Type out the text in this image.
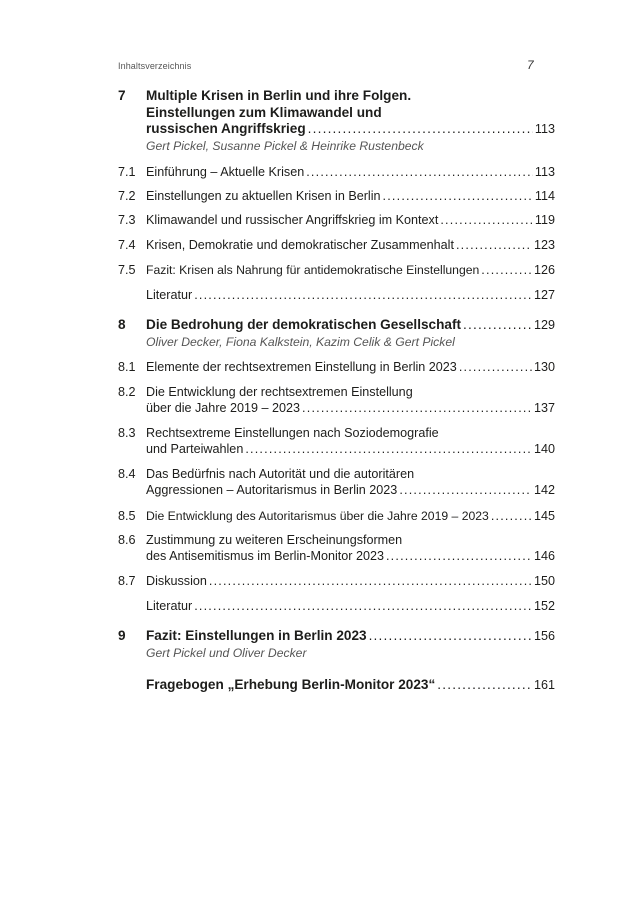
Inhaltsverzeichnis	7
7	Multiple Krisen in Berlin und ihre Folgen.
Einstellungen zum Klimawandel und
russischen Angriffskrieg .....	113
Gert Pickel, Susanne Pickel & Heinrike Rustenbeck
7.1 Einführung – Aktuelle Krisen .....	113
7.2 Einstellungen zu aktuellen Krisen in Berlin .....	114
7.3 Klimawandel und russischer Angriffskrieg im Kontext .....	119
7.4 Krisen, Demokratie und demokratischer Zusammenhalt .....	123
7.5 Fazit: Krisen als Nahrung für antidemokratische Einstellungen .....	126
Literatur .....	127
8	Die Bedrohung der demokratischen Gesellschaft .....	129
Oliver Decker, Fiona Kalkstein, Kazim Celik & Gert Pickel
8.1 Elemente der rechtsextremen Einstellung in Berlin 2023 .....	130
8.2 Die Entwicklung der rechtsextremen Einstellung
über die Jahre 2019 – 2023 .....	137
8.3 Rechtsextreme Einstellungen nach Soziodemografie
und Parteiwahlen .....	140
8.4 Das Bedürfnis nach Autorität und die autoritären
Aggressionen – Autoritarismus in Berlin 2023 .....	142
8.5 Die Entwicklung des Autoritarismus über die Jahre 2019 – 2023 .....	145
8.6 Zustimmung zu weiteren Erscheinungsformen
des Antisemitismus im Berlin-Monitor 2023 .....	146
8.7 Diskussion .....	150
Literatur .....	152
9	Fazit: Einstellungen in Berlin 2023 .....	156
Gert Pickel und Oliver Decker
Fragebogen „Erhebung Berlin-Monitor 2023“ .....	161
